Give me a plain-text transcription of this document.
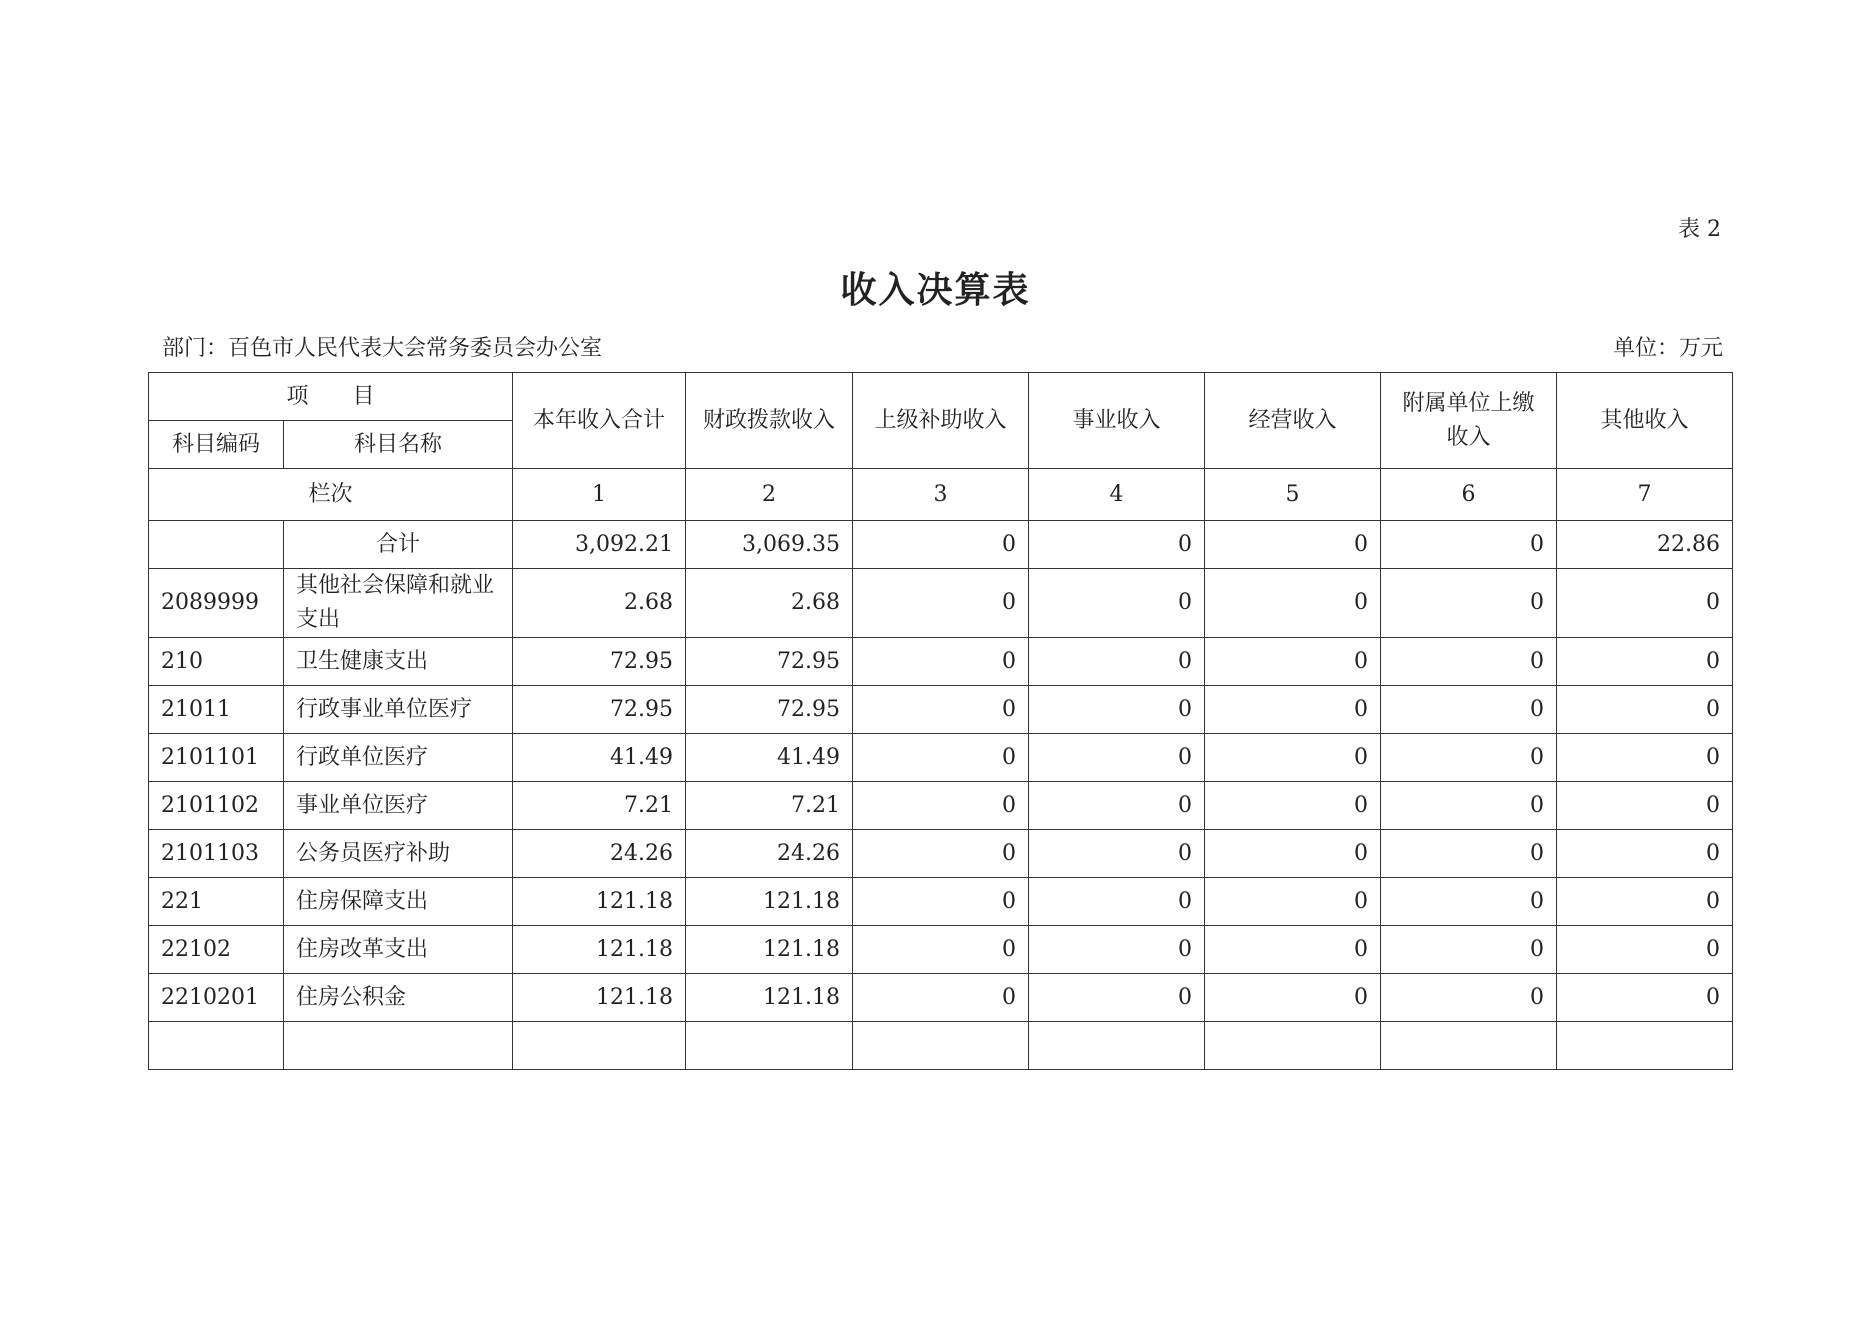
表 2
收入决算表
部门：百色市人民代表大会常务委员会办公室	单位：万元
项　　目		本年收入合计	财政拨款收入	上级补助收入	事业收入	经营收入	附属单位上缴收入	其他收入
科目编码	科目名称							
栏次		1	2	3	4	5	6	7
	合计	3,092.21	3,069.35	0	0	0	0	22.86
2089999	其他社会保障和就业支出	2.68	2.68	0	0	0	0	0
210	卫生健康支出	72.95	72.95	0	0	0	0	0
21011	行政事业单位医疗	72.95	72.95	0	0	0	0	0
2101101	行政单位医疗	41.49	41.49	0	0	0	0	0
2101102	事业单位医疗	7.21	7.21	0	0	0	0	0
2101103	公务员医疗补助	24.26	24.26	0	0	0	0	0
221	住房保障支出	121.18	121.18	0	0	0	0	0
22102	住房改革支出	121.18	121.18	0	0	0	0	0
2210201	住房公积金	121.18	121.18	0	0	0	0	0
